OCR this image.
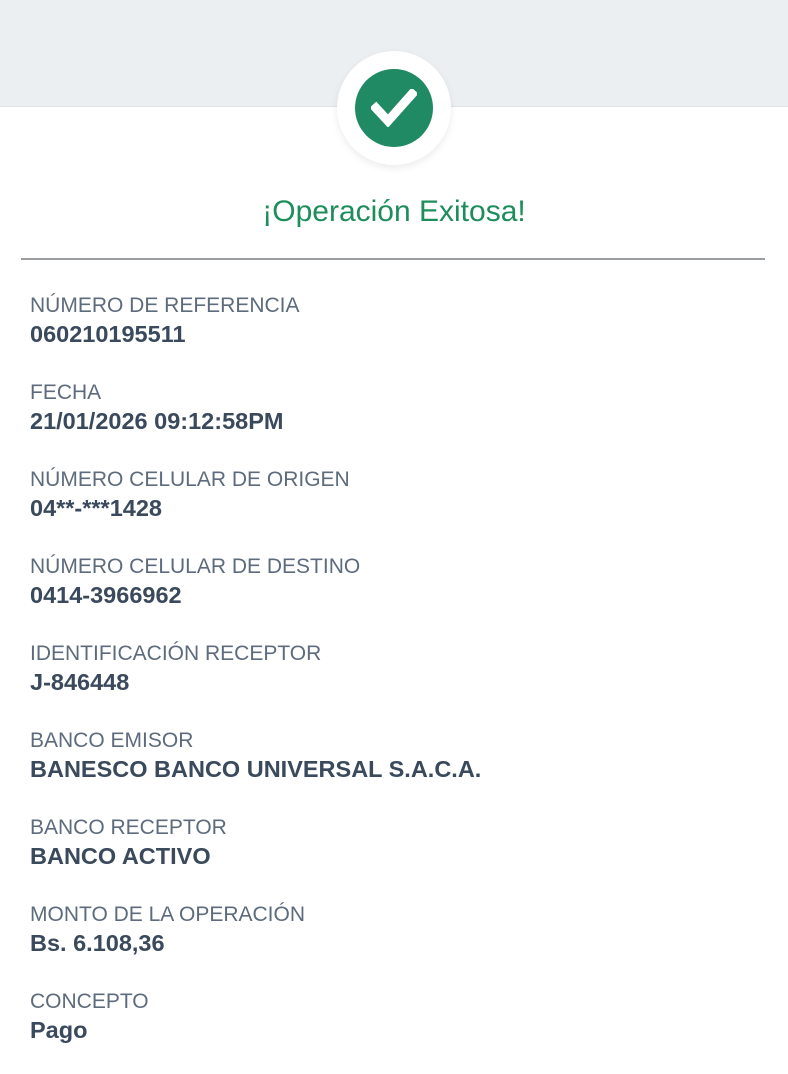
¡Operación Exitosa!
NÚMERO DE REFERENCIA
060210195511
FECHA
21/01/2026 09:12:58PM
NÚMERO CELULAR DE ORIGEN
04**-***1428
NÚMERO CELULAR DE DESTINO
0414-3966962
IDENTIFICACIÓN RECEPTOR
J-846448
BANCO EMISOR
BANESCO BANCO UNIVERSAL S.A.C.A.
BANCO RECEPTOR
BANCO ACTIVO
MONTO DE LA OPERACIÓN
Bs. 6.108,36
CONCEPTO
Pago
